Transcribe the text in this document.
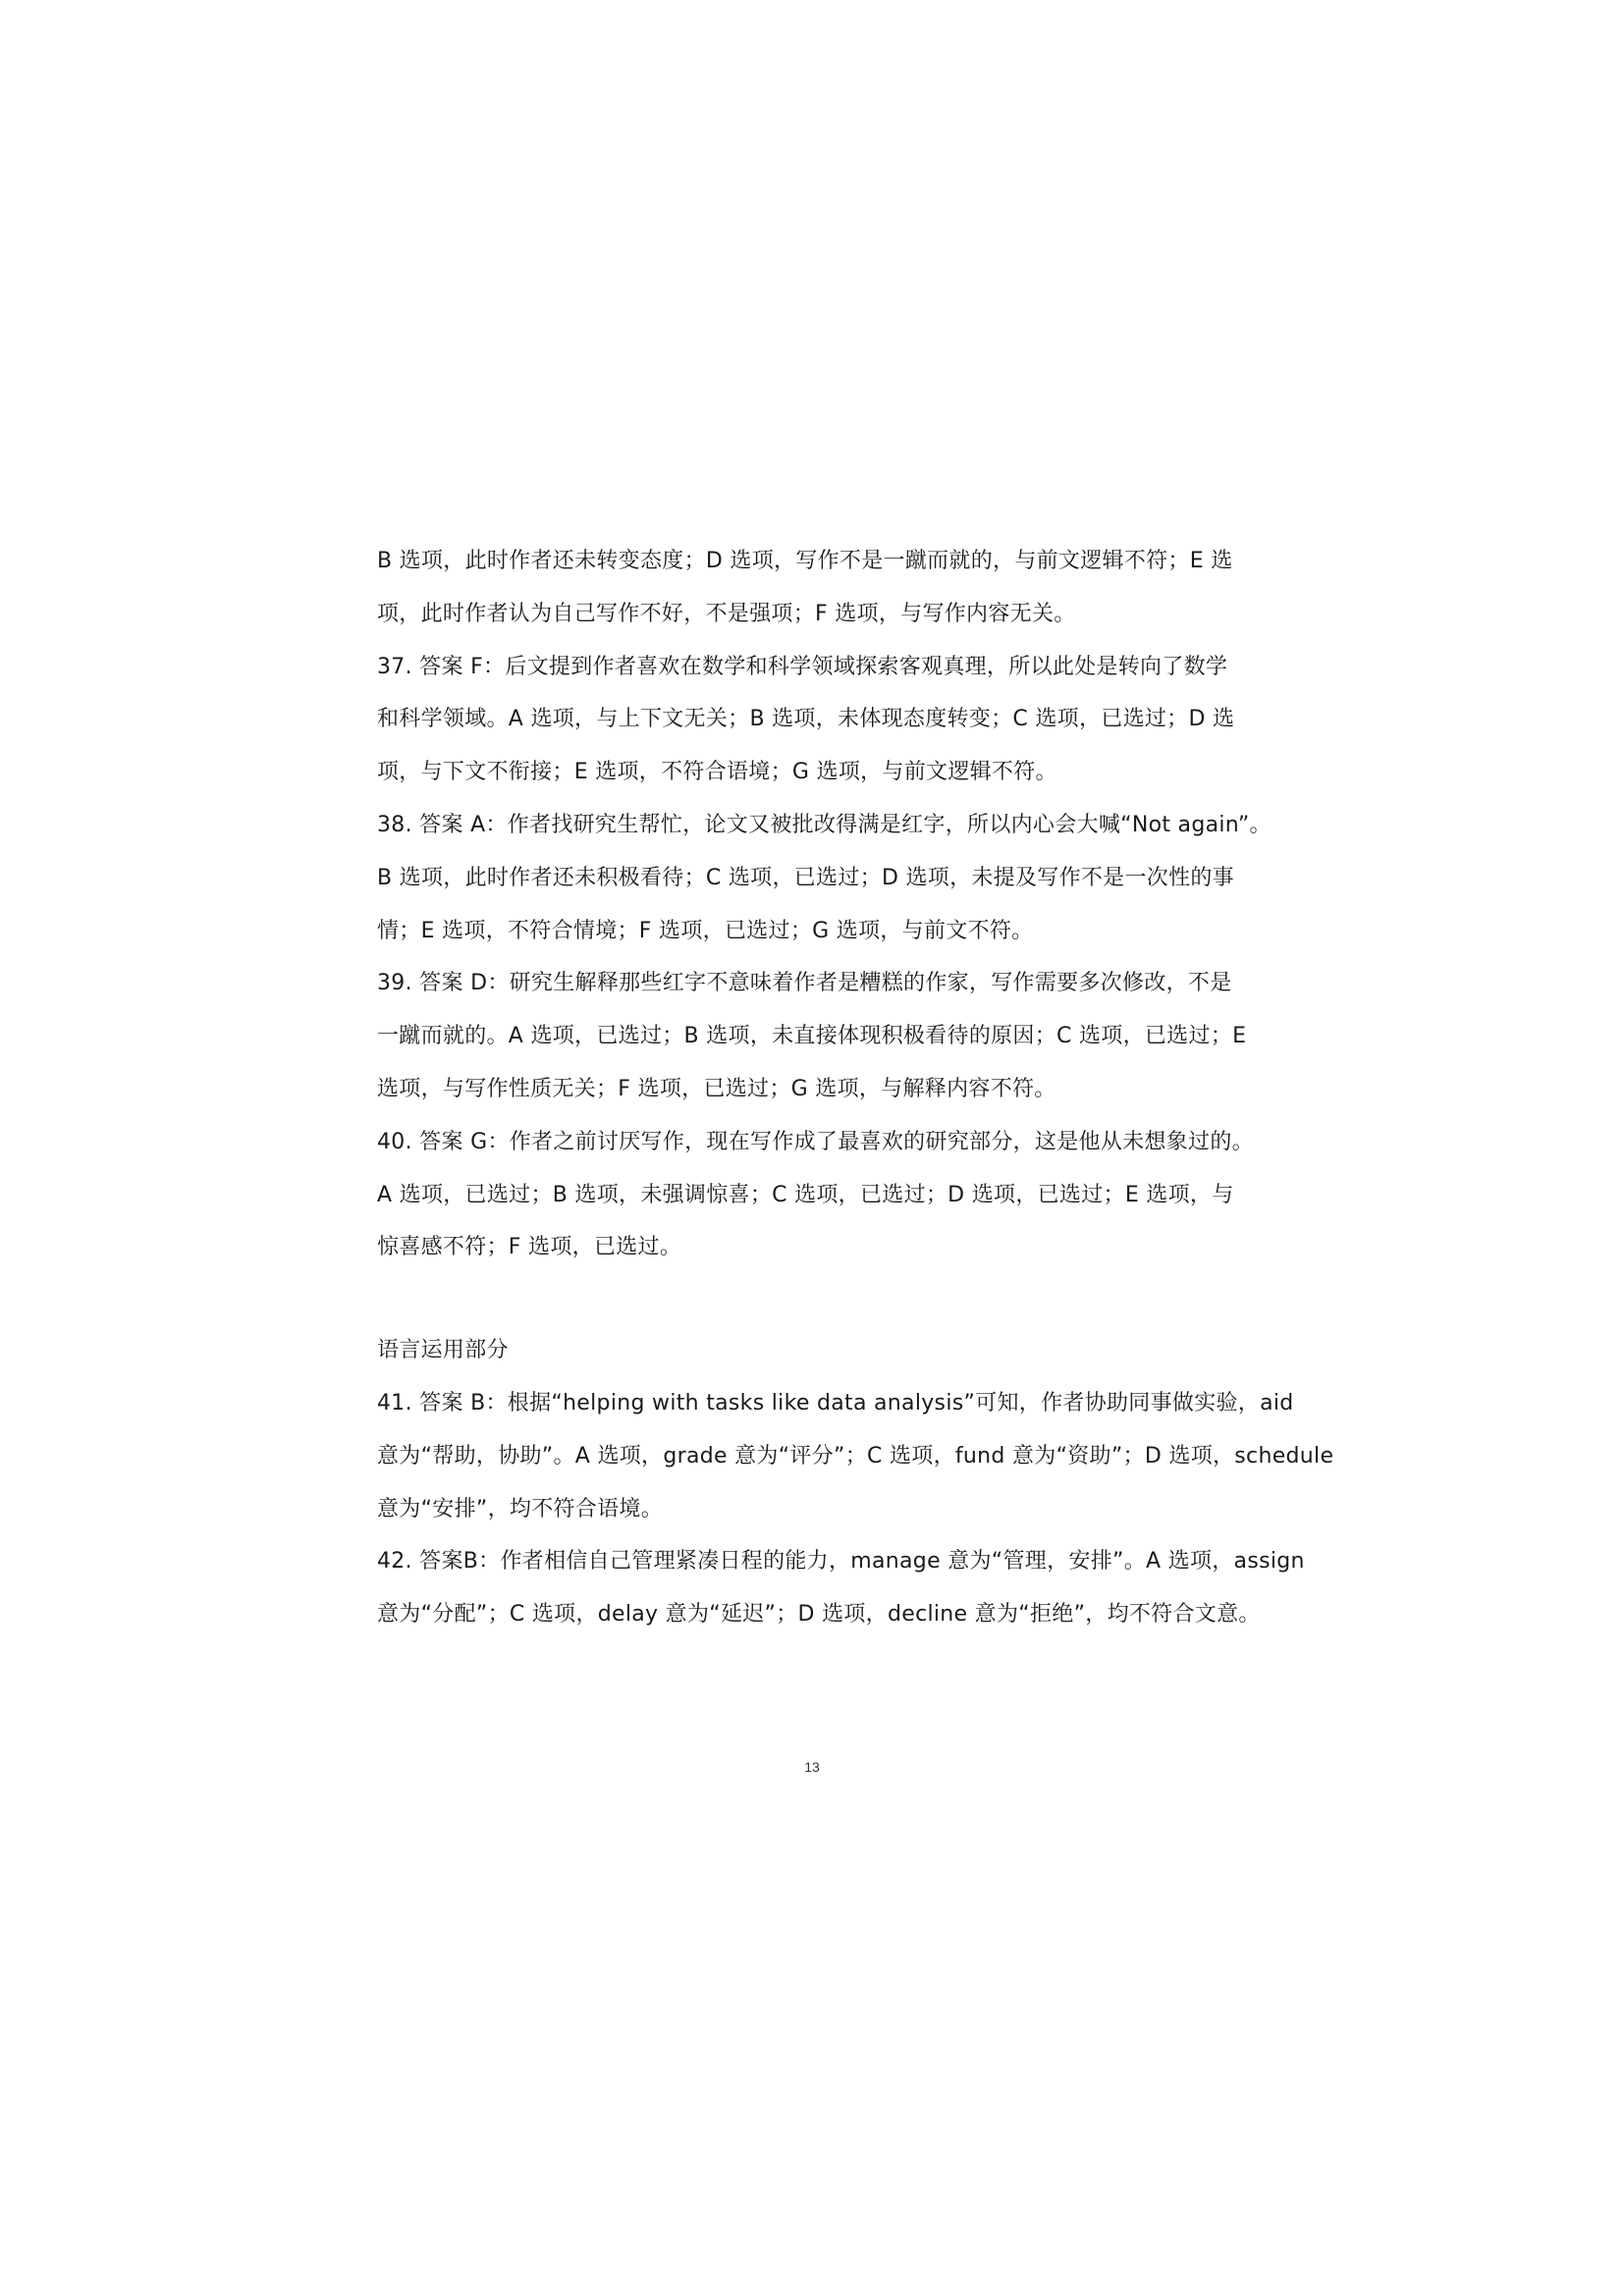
B 选项，此时作者还未转变态度；D 选项，写作不是一蹴而就的，与前文逻辑不符；E 选
项，此时作者认为自己写作不好，不是强项；F 选项，与写作内容无关。
37. 答案 F：后文提到作者喜欢在数学和科学领域探索客观真理，所以此处是转向了数学
和科学领域。A 选项，与上下文无关；B 选项，未体现态度转变；C 选项，已选过；D 选
项，与下文不衔接；E 选项，不符合语境；G 选项，与前文逻辑不符。
38. 答案 A：作者找研究生帮忙，论文又被批改得满是红字，所以内心会大喊“Not again”。
B 选项，此时作者还未积极看待；C 选项，已选过；D 选项，未提及写作不是一次性的事
情；E 选项，不符合情境；F 选项，已选过；G 选项，与前文不符。
39. 答案 D：研究生解释那些红字不意味着作者是糟糕的作家，写作需要多次修改，不是
一蹴而就的。A 选项，已选过；B 选项，未直接体现积极看待的原因；C 选项，已选过；E
选项，与写作性质无关；F 选项，已选过；G 选项，与解释内容不符。
40. 答案 G：作者之前讨厌写作，现在写作成了最喜欢的研究部分，这是他从未想象过的。
A 选项，已选过；B 选项，未强调惊喜；C 选项，已选过；D 选项，已选过；E 选项，与
惊喜感不符；F 选项，已选过。
语言运用部分
41. 答案 B：根据“helping with tasks like data analysis”可知，作者协助同事做实验，aid
意为“帮助，协助”。A 选项，grade 意为“评分”；C 选项，fund 意为“资助”；D 选项，schedule
意为“安排”，均不符合语境。
42. 答案B：作者相信自己管理紧凑日程的能力，manage 意为“管理，安排”。A 选项，assign
意为“分配”；C 选项，delay 意为“延迟”；D 选项，decline 意为“拒绝”，均不符合文意。
13
